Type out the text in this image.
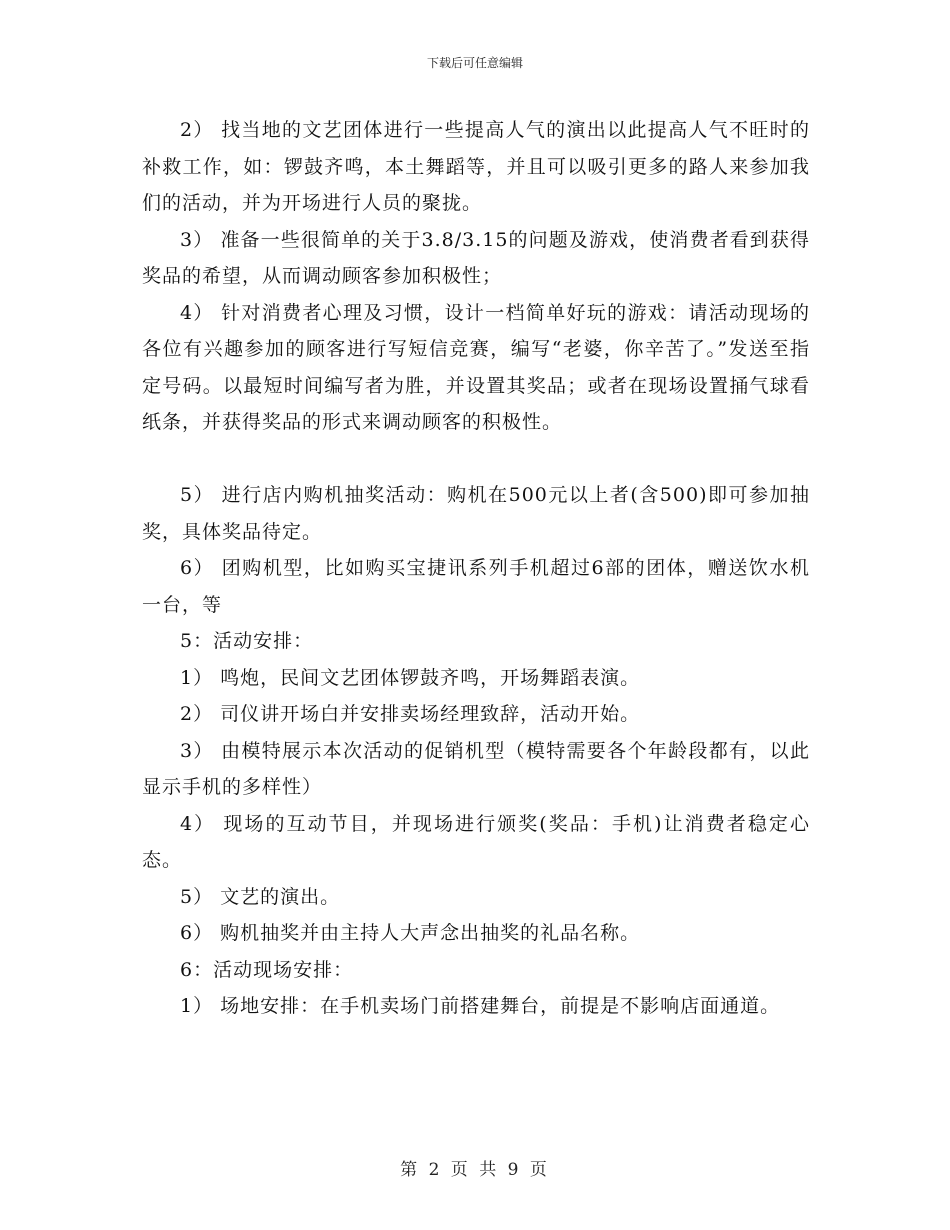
下载后可任意编辑

2） 找当地的文艺团体进行一些提高人气的演出以此提高人气不旺时的补救工作，如：锣鼓齐鸣，本土舞蹈等，并且可以吸引更多的路人来参加我们的活动，并为开场进行人员的聚拢。

3） 准备一些很简单的关于3.8/3.15的问题及游戏，使消费者看到获得奖品的希望，从而调动顾客参加积极性；

4） 针对消费者心理及习惯，设计一档简单好玩的游戏：请活动现场的各位有兴趣参加的顾客进行写短信竞赛，编写“老婆，你辛苦了。”发送至指定号码。以最短时间编写者为胜，并设置其奖品；或者在现场设置捅气球看纸条，并获得奖品的形式来调动顾客的积极性。

5） 进行店内购机抽奖活动：购机在500元以上者(含500)即可参加抽奖，具体奖品待定。

6） 团购机型，比如购买宝捷讯系列手机超过6部的团体，赠送饮水机一台，等

5：活动安排：

1） 鸣炮，民间文艺团体锣鼓齐鸣，开场舞蹈表演。

2） 司仪讲开场白并安排卖场经理致辞，活动开始。

3） 由模特展示本次活动的促销机型（模特需要各个年龄段都有，以此显示手机的多样性）

4） 现场的互动节目，并现场进行颁奖(奖品：手机)让消费者稳定心态。

5） 文艺的演出。

6） 购机抽奖并由主持人大声念出抽奖的礼品名称。

6：活动现场安排：

1） 场地安排：在手机卖场门前搭建舞台，前提是不影响店面通道。

第 2 页 共 9 页
